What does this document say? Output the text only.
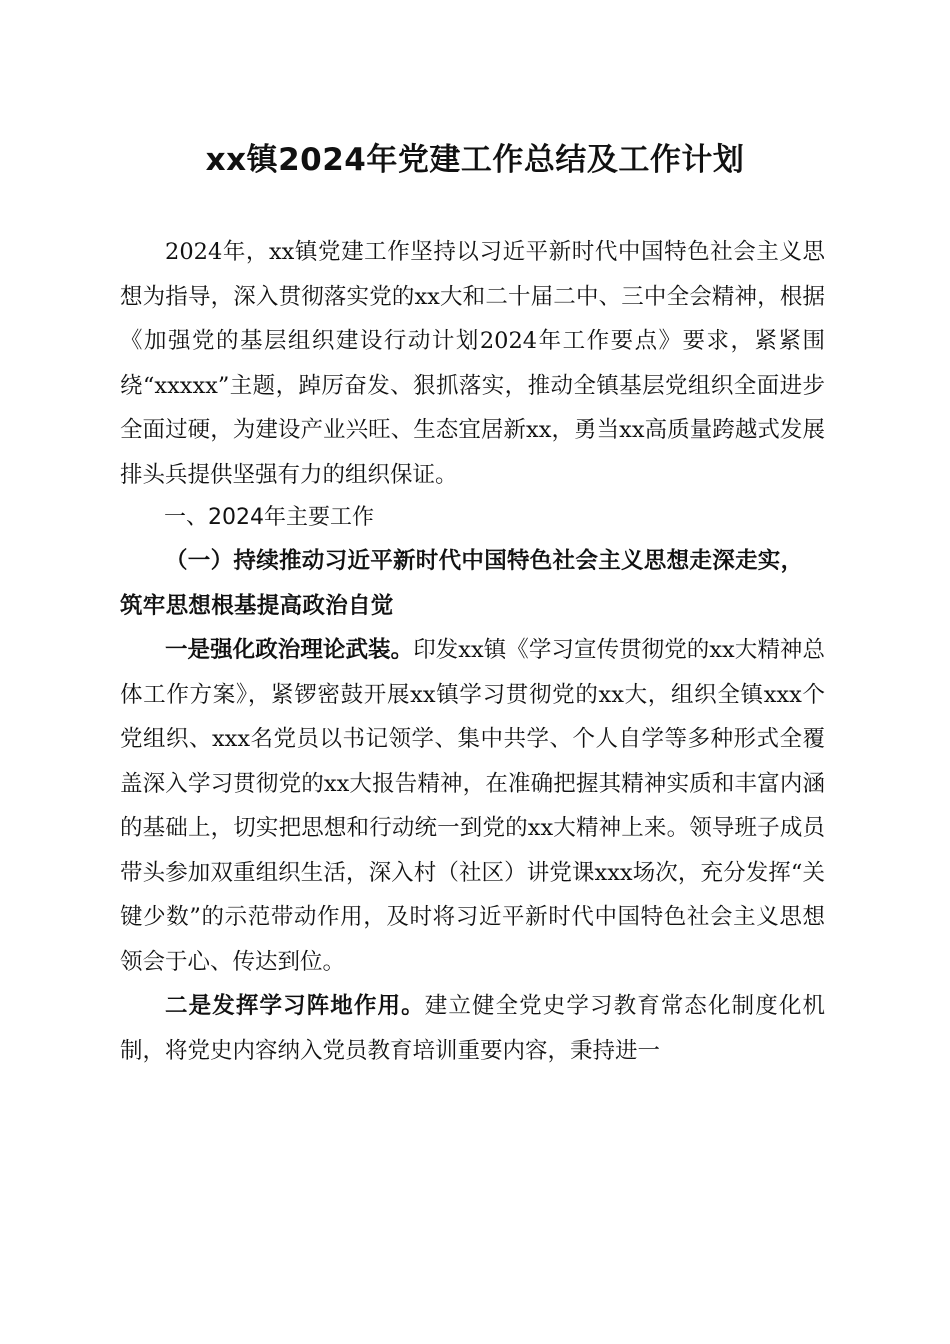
xx镇2024年党建工作总结及工作计划

2024年，xx镇党建工作坚持以习近平新时代中国特色社会主义思想为指导，深入贯彻落实党的xx大和二十届二中、三中全会精神，根据《加强党的基层组织建设行动计划2024年工作要点》要求，紧紧围绕“xxxxx”主题，踔厉奋发、狠抓落实，推动全镇基层党组织全面进步全面过硬，为建设产业兴旺、生态宜居新xx，勇当xx高质量跨越式发展排头兵提供坚强有力的组织保证。

一、2024年主要工作

（一）持续推动习近平新时代中国特色社会主义思想走深走实，筑牢思想根基提高政治自觉

一是强化政治理论武装。印发xx镇《学习宣传贯彻党的xx大精神总体工作方案》，紧锣密鼓开展xx镇学习贯彻党的xx大，组织全镇xxx个党组织、xxx名党员以书记领学、集中共学、个人自学等多种形式全覆盖深入学习贯彻党的xx大报告精神，在准确把握其精神实质和丰富内涵的基础上，切实把思想和行动统一到党的xx大精神上来。领导班子成员带头参加双重组织生活，深入村（社区）讲党课xxx场次，充分发挥“关键少数”的示范带动作用，及时将习近平新时代中国特色社会主义思想领会于心、传达到位。

二是发挥学习阵地作用。建立健全党史学习教育常态化制度化机制，将党史内容纳入党员教育培训重要内容，秉持进一
